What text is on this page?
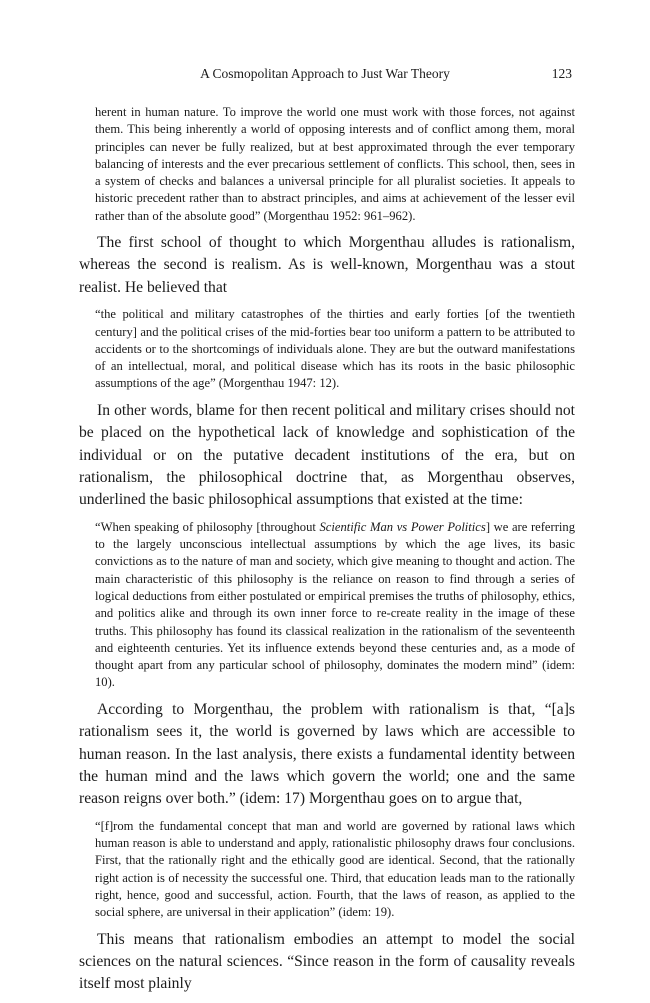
A Cosmopolitan Approach to Just War Theory	123

herent in human nature. To improve the world one must work with those forces, not against them. This being inherently a world of opposing interests and of conflict among them, moral principles can never be fully realized, but at best approximated through the ever temporary balancing of interests and the ever precarious settlement of conflicts. This school, then, sees in a system of checks and balances a universal principle for all pluralist societies. It appeals to historic precedent rather than to abstract principles, and aims at achievement of the lesser evil rather than of the absolute good” (Morgenthau 1952: 961–962).

The first school of thought to which Morgenthau alludes is rationalism, whereas the second is realism. As is well-known, Morgenthau was a stout realist. He believed that

“the political and military catastrophes of the thirties and early forties [of the twentieth century] and the political crises of the mid-forties bear too uniform a pattern to be attributed to accidents or to the shortcomings of individuals alone. They are but the outward manifestations of an intellectual, moral, and political disease which has its roots in the basic philosophic assumptions of the age” (Morgenthau 1947: 12).

In other words, blame for then recent political and military crises should not be placed on the hypothetical lack of knowledge and sophistication of the individual or on the putative decadent institutions of the era, but on rationalism, the philosophical doctrine that, as Morgenthau observes, underlined the basic philosophical assumptions that existed at the time:

“When speaking of philosophy [throughout Scientific Man vs Power Politics] we are referring to the largely unconscious intellectual assumptions by which the age lives, its basic convictions as to the nature of man and society, which give meaning to thought and action. The main characteristic of this philosophy is the reliance on reason to find through a series of logical deductions from either postulated or empirical premises the truths of philosophy, ethics, and politics alike and through its own inner force to re-create reality in the image of these truths. This philosophy has found its classical realization in the rationalism of the seventeenth and eighteenth centuries. Yet its influence extends beyond these centuries and, as a mode of thought apart from any particular school of philosophy, dominates the modern mind” (idem: 10).

According to Morgenthau, the problem with rationalism is that, “[a]s rationalism sees it, the world is governed by laws which are accessible to human reason. In the last analysis, there exists a fundamental identity between the human mind and the laws which govern the world; one and the same reason reigns over both.” (idem: 17) Morgenthau goes on to argue that,

“[f]rom the fundamental concept that man and world are governed by rational laws which human reason is able to understand and apply, rationalistic philosophy draws four conclusions. First, that the rationally right and the ethically good are identical. Second, that the rationally right action is of necessity the successful one. Third, that education leads man to the rationally right, hence, good and successful, action. Fourth, that the laws of reason, as applied to the social sphere, are universal in their application” (idem: 19).

This means that rationalism embodies an attempt to model the social sciences on the natural sciences. “Since reason in the form of causality reveals itself most plainly
